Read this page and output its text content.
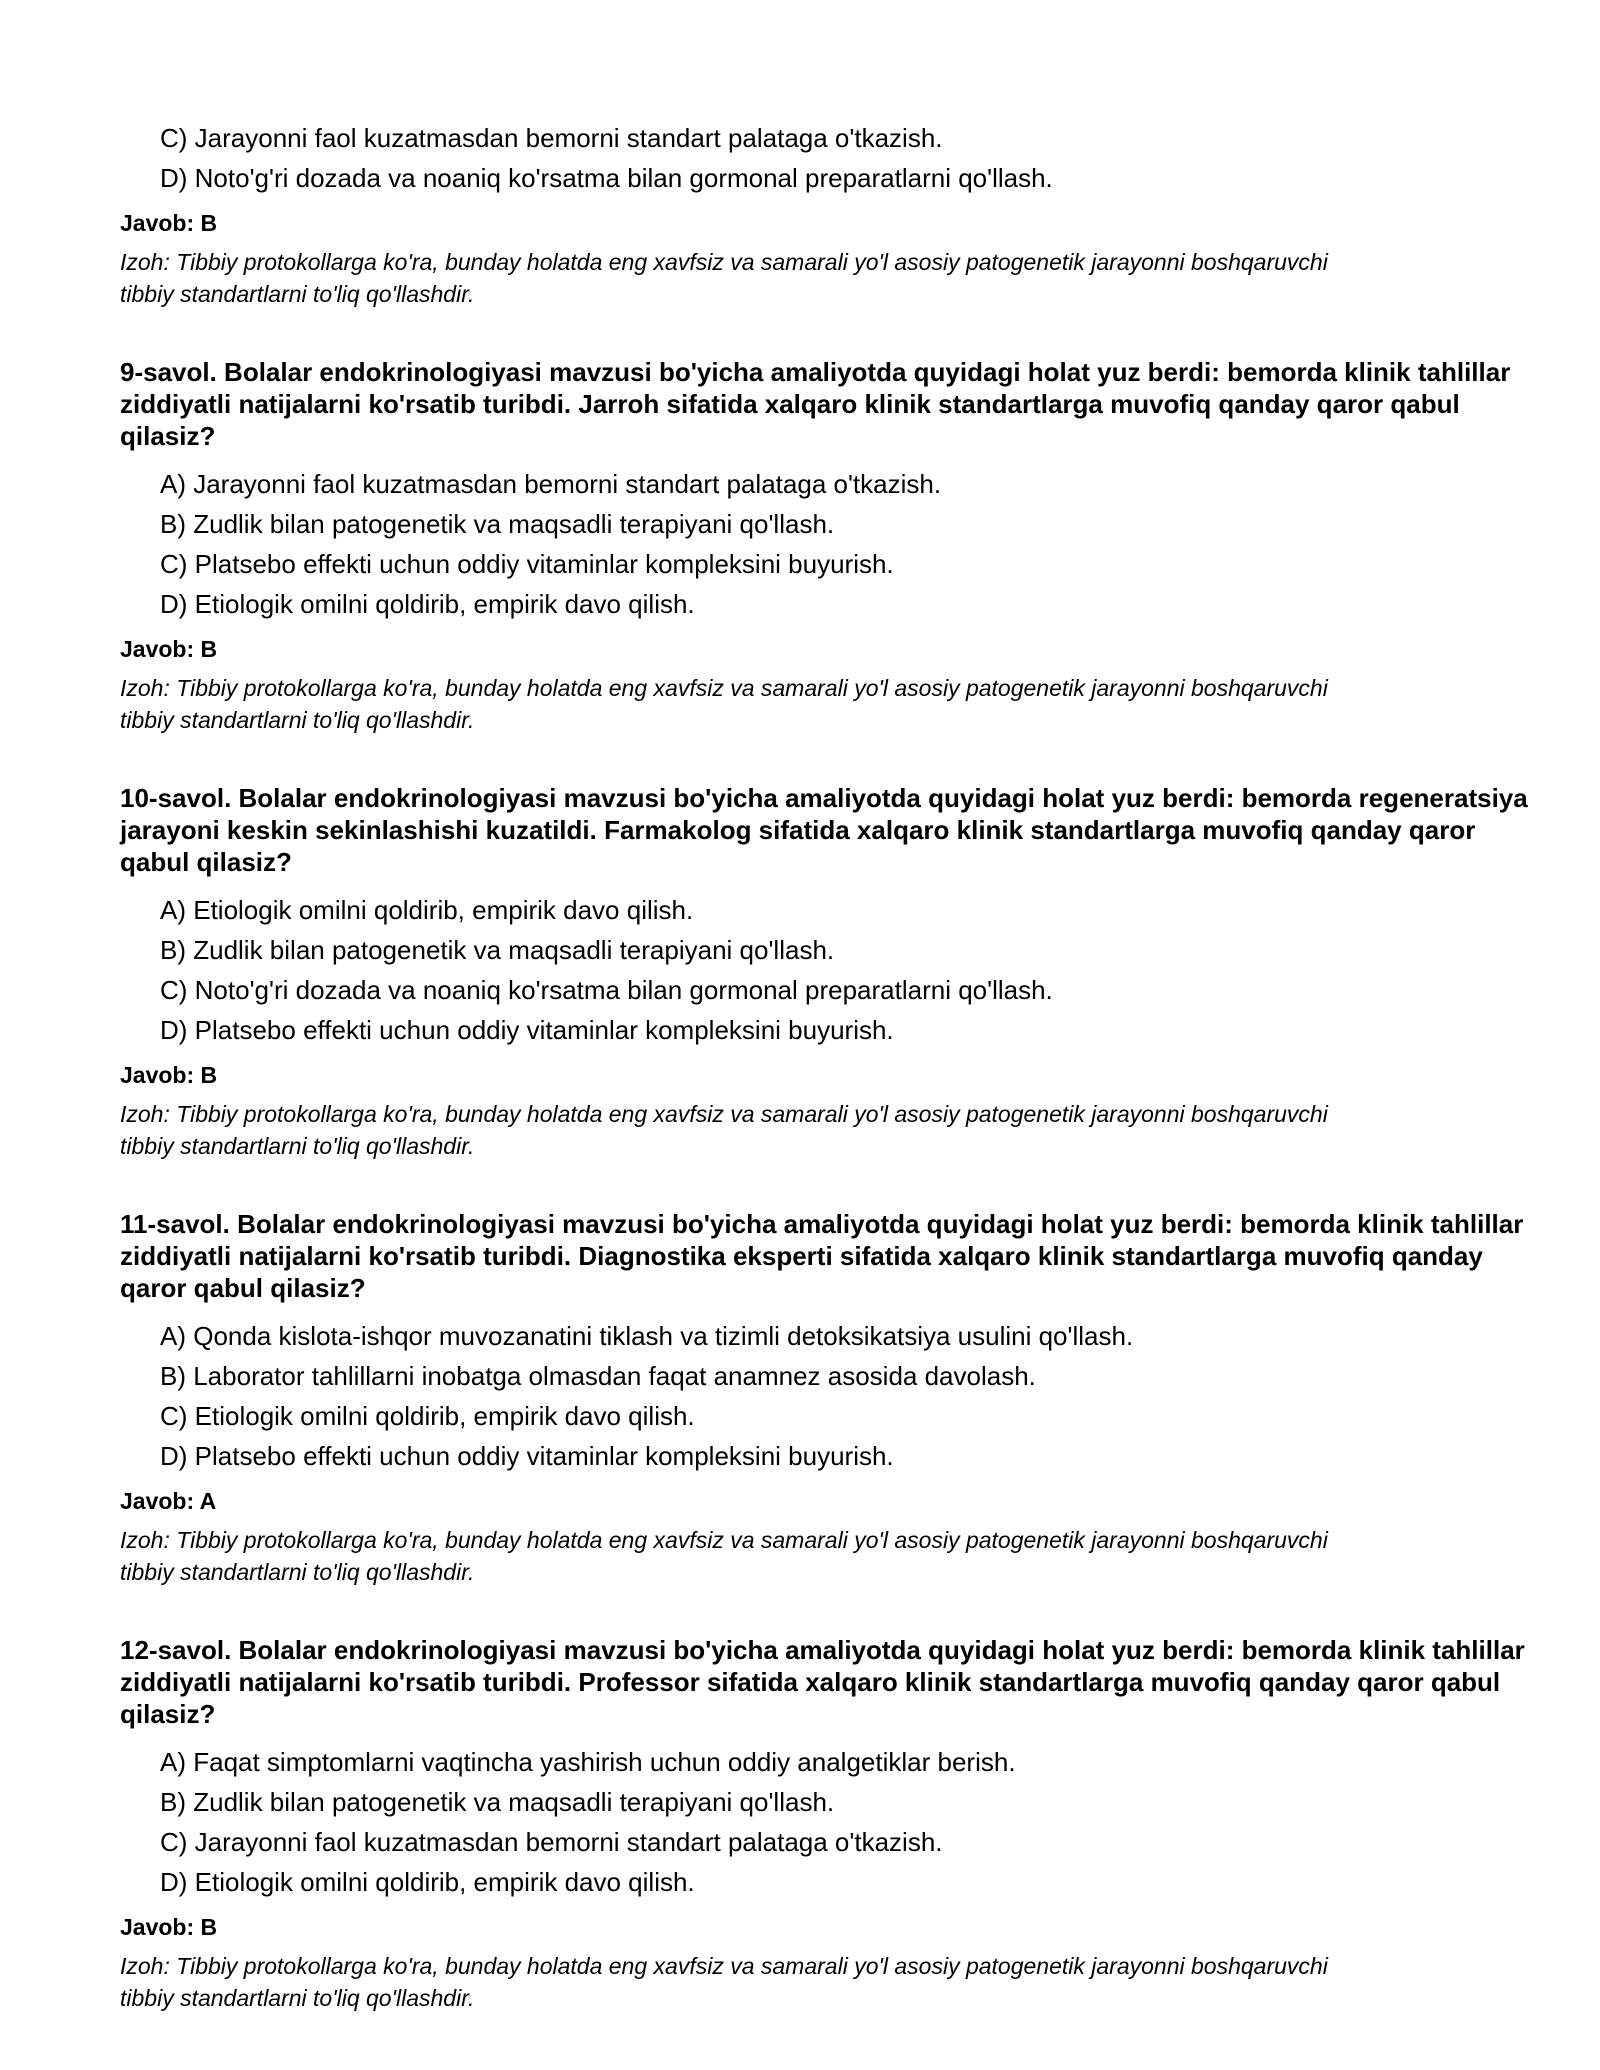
C) Jarayonni faol kuzatmasdan bemorni standart palataga o'tkazish.
D) Noto'g'ri dozada va noaniq ko'rsatma bilan gormonal preparatlarni qo'llash.
Javob: B
Izoh: Tibbiy protokollarga ko'ra, bunday holatda eng xavfsiz va samarali yo'l asosiy patogenetik jarayonni boshqaruvchi tibbiy standartlarni to'liq qo'llashdir.
9-savol. Bolalar endokrinologiyasi mavzusi bo'yicha amaliyotda quyidagi holat yuz berdi: bemorda klinik tahlillar ziddiyatli natijalarni ko'rsatib turibdi. Jarroh sifatida xalqaro klinik standartlarga muvofiq qanday qaror qabul qilasiz?
A) Jarayonni faol kuzatmasdan bemorni standart palataga o'tkazish.
B) Zudlik bilan patogenetik va maqsadli terapiyani qo'llash.
C) Platsebo effekti uchun oddiy vitaminlar kompleksini buyurish.
D) Etiologik omilni qoldirib, empirik davo qilish.
Javob: B
Izoh: Tibbiy protokollarga ko'ra, bunday holatda eng xavfsiz va samarali yo'l asosiy patogenetik jarayonni boshqaruvchi tibbiy standartlarni to'liq qo'llashdir.
10-savol. Bolalar endokrinologiyasi mavzusi bo'yicha amaliyotda quyidagi holat yuz berdi: bemorda regeneratsiya jarayoni keskin sekinlashishi kuzatildi. Farmakolog sifatida xalqaro klinik standartlarga muvofiq qanday qaror qabul qilasiz?
A) Etiologik omilni qoldirib, empirik davo qilish.
B) Zudlik bilan patogenetik va maqsadli terapiyani qo'llash.
C) Noto'g'ri dozada va noaniq ko'rsatma bilan gormonal preparatlarni qo'llash.
D) Platsebo effekti uchun oddiy vitaminlar kompleksini buyurish.
Javob: B
Izoh: Tibbiy protokollarga ko'ra, bunday holatda eng xavfsiz va samarali yo'l asosiy patogenetik jarayonni boshqaruvchi tibbiy standartlarni to'liq qo'llashdir.
11-savol. Bolalar endokrinologiyasi mavzusi bo'yicha amaliyotda quyidagi holat yuz berdi: bemorda klinik tahlillar ziddiyatli natijalarni ko'rsatib turibdi. Diagnostika eksperti sifatida xalqaro klinik standartlarga muvofiq qanday qaror qabul qilasiz?
A) Qonda kislota-ishqor muvozanatini tiklash va tizimli detoksikatsiya usulini qo'llash.
B) Laborator tahlillarni inobatga olmasdan faqat anamnez asosida davolash.
C) Etiologik omilni qoldirib, empirik davo qilish.
D) Platsebo effekti uchun oddiy vitaminlar kompleksini buyurish.
Javob: A
Izoh: Tibbiy protokollarga ko'ra, bunday holatda eng xavfsiz va samarali yo'l asosiy patogenetik jarayonni boshqaruvchi tibbiy standartlarni to'liq qo'llashdir.
12-savol. Bolalar endokrinologiyasi mavzusi bo'yicha amaliyotda quyidagi holat yuz berdi: bemorda klinik tahlillar ziddiyatli natijalarni ko'rsatib turibdi. Professor sifatida xalqaro klinik standartlarga muvofiq qanday qaror qabul qilasiz?
A) Faqat simptomlarni vaqtincha yashirish uchun oddiy analgetiklar berish.
B) Zudlik bilan patogenetik va maqsadli terapiyani qo'llash.
C) Jarayonni faol kuzatmasdan bemorni standart palataga o'tkazish.
D) Etiologik omilni qoldirib, empirik davo qilish.
Javob: B
Izoh: Tibbiy protokollarga ko'ra, bunday holatda eng xavfsiz va samarali yo'l asosiy patogenetik jarayonni boshqaruvchi tibbiy standartlarni to'liq qo'llashdir.
